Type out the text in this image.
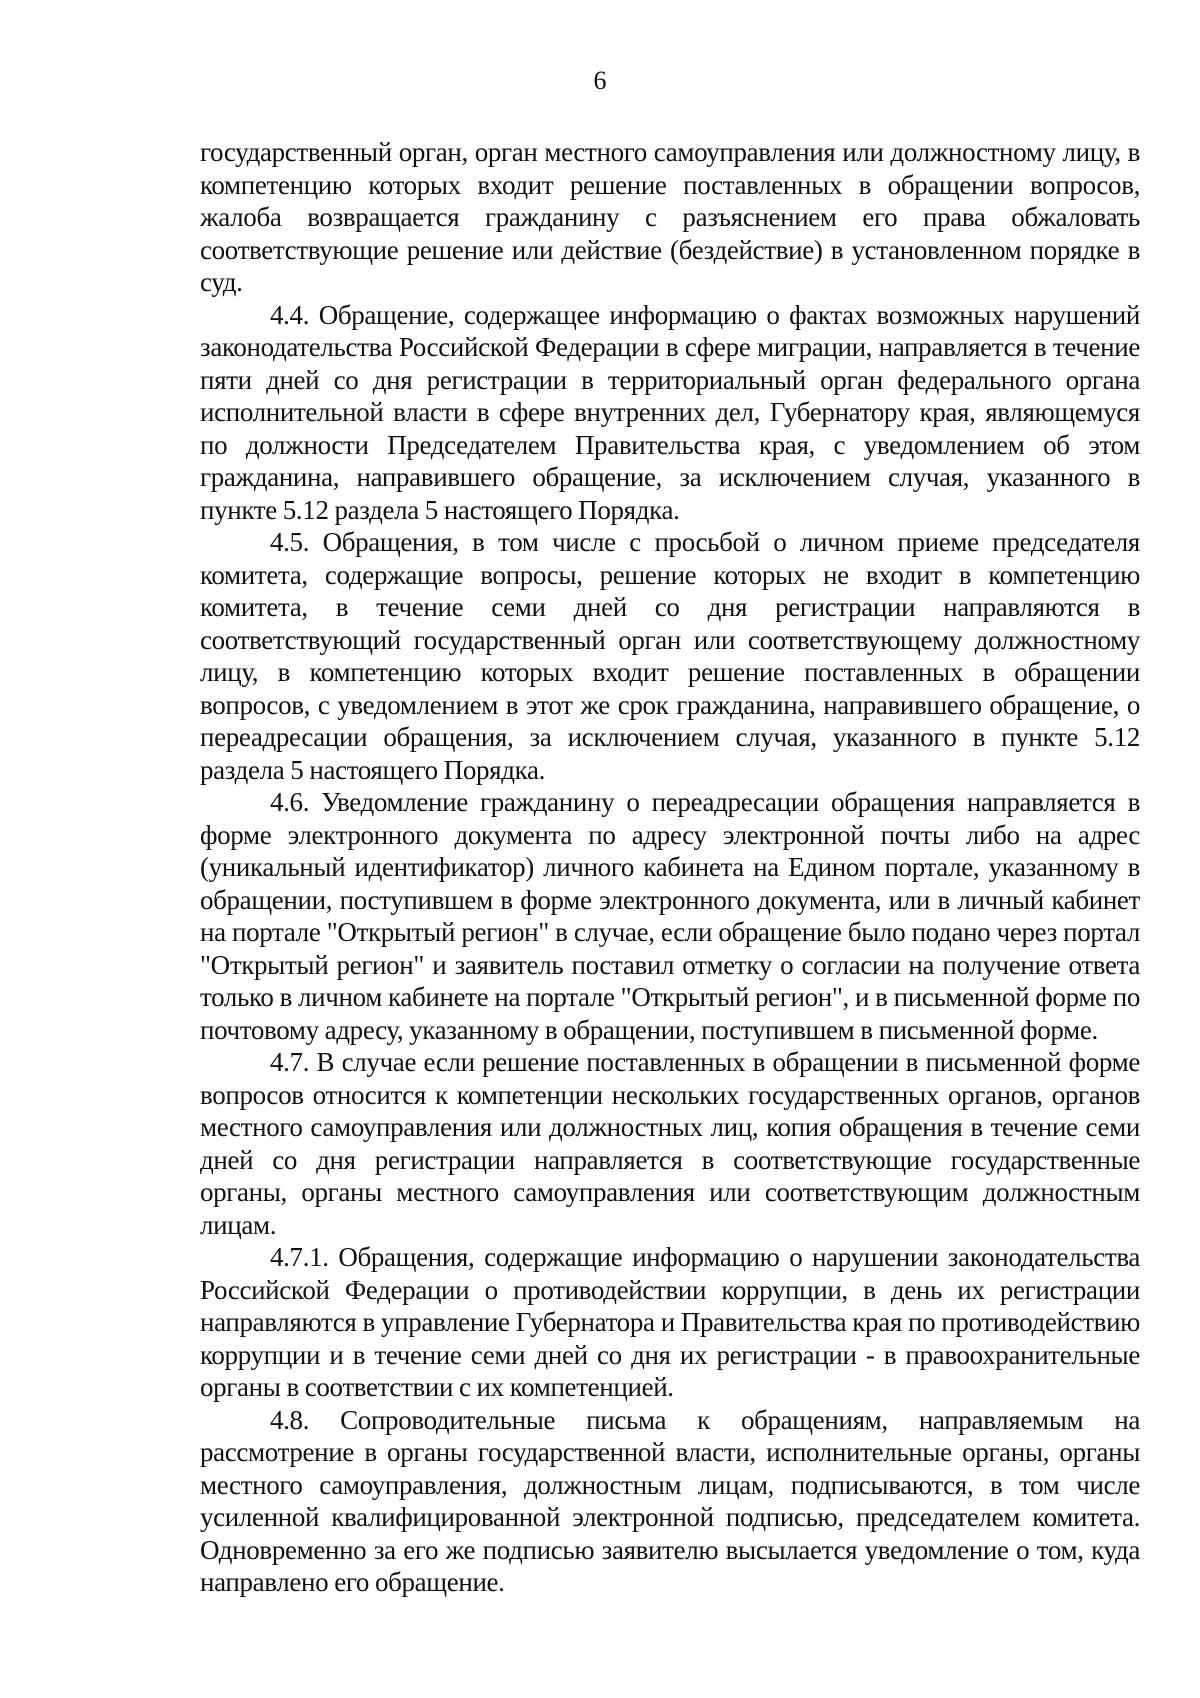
6

государственный орган, орган местного самоуправления или должностному лицу, в компетенцию которых входит решение поставленных в обращении вопросов, жалоба возвращается гражданину с разъяснением его права обжаловать соответствующие решение или действие (бездействие) в установленном порядке в суд.

4.4. Обращение, содержащее информацию о фактах возможных нарушений законодательства Российской Федерации в сфере миграции, направляется в течение пяти дней со дня регистрации в территориальный орган федерального органа исполнительной власти в сфере внутренних дел, Губернатору края, являющемуся по должности Председателем Правительства края, с уведомлением об этом гражданина, направившего обращение, за исключением случая, указанного в пункте 5.12 раздела 5 настоящего Порядка.

4.5. Обращения, в том числе с просьбой о личном приеме председателя комитета, содержащие вопросы, решение которых не входит в компетенцию комитета, в течение семи дней со дня регистрации направляются в соответствующий государственный орган или соответствующему должностному лицу, в компетенцию которых входит решение поставленных в обращении вопросов, с уведомлением в этот же срок гражданина, направившего обращение, о переадресации обращения, за исключением случая, указанного в пункте 5.12 раздела 5 настоящего Порядка.

4.6. Уведомление гражданину о переадресации обращения направляется в форме электронного документа по адресу электронной почты либо на адрес (уникальный идентификатор) личного кабинета на Едином портале, указанному в обращении, поступившем в форме электронного документа, или в личный кабинет на портале "Открытый регион" в случае, если обращение было подано через портал "Открытый регион" и заявитель поставил отметку о согласии на получение ответа только в личном кабинете на портале "Открытый регион", и в письменной форме по почтовому адресу, указанному в обращении, поступившем в письменной форме.

4.7. В случае если решение поставленных в обращении в письменной форме вопросов относится к компетенции нескольких государственных органов, органов местного самоуправления или должностных лиц, копия обращения в течение семи дней со дня регистрации направляется в соответствующие государственные органы, органы местного самоуправления или соответствующим должностным лицам.

4.7.1. Обращения, содержащие информацию о нарушении законодательства Российской Федерации о противодействии коррупции, в день их регистрации направляются в управление Губернатора и Правительства края по противодействию коррупции и в течение семи дней со дня их регистрации - в правоохранительные органы в соответствии с их компетенцией.

4.8. Сопроводительные письма к обращениям, направляемым на рассмотрение в органы государственной власти, исполнительные органы, органы местного самоуправления, должностным лицам, подписываются, в том числе усиленной квалифицированной электронной подписью, председателем комитета. Одновременно за его же подписью заявителю высылается уведомление о том, куда направлено его обращение.
